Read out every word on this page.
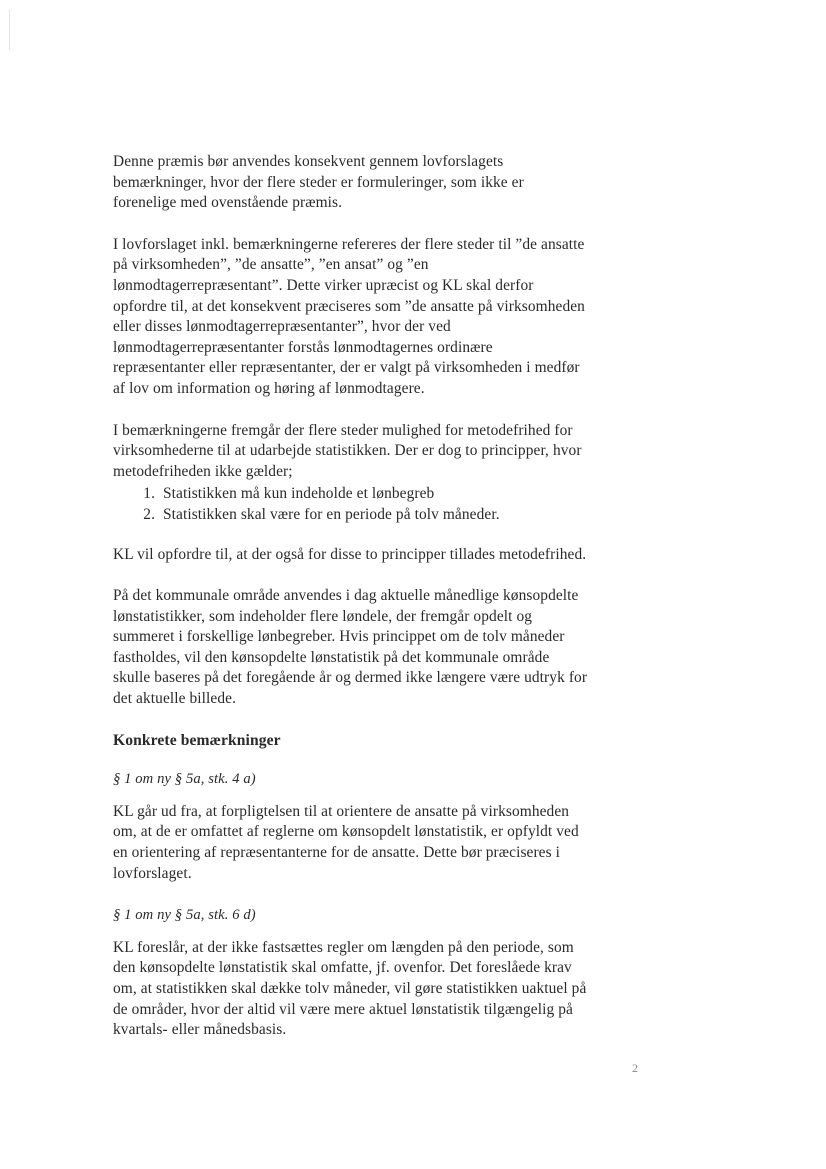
Denne præmis bør anvendes konsekvent gennem lovforslagets
bemærkninger, hvor der flere steder er formuleringer, som ikke er
forenelige med ovenstående præmis.

I lovforslaget inkl. bemærkningerne refereres der flere steder til ”de ansatte
på virksomheden”, ”de ansatte”, ”en ansat” og ”en
lønmodtagerrepræsentant”. Dette virker upræcist og KL skal derfor
opfordre til, at det konsekvent præciseres som ”de ansatte på virksomheden
eller disses lønmodtagerrepræsentanter”, hvor der ved
lønmodtagerrepræsentanter forstås lønmodtagernes ordinære
repræsentanter eller repræsentanter, der er valgt på virksomheden i medfør
af lov om information og høring af lønmodtagere.

I bemærkningerne fremgår der flere steder mulighed for metodefrihed for
virksomhederne til at udarbejde statistikken. Der er dog to principper, hvor
metodefriheden ikke gælder;

1. Statistikken må kun indeholde et lønbegreb
2. Statistikken skal være for en periode på tolv måneder.

KL vil opfordre til, at der også for disse to principper tillades metodefrihed.

På det kommunale område anvendes i dag aktuelle månedlige kønsopdelte
lønstatistikker, som indeholder flere løndele, der fremgår opdelt og
summeret i forskellige lønbegreber. Hvis princippet om de tolv måneder
fastholdes, vil den kønsopdelte lønstatistik på det kommunale område
skulle baseres på det foregående år og dermed ikke længere være udtryk for
det aktuelle billede.

Konkrete bemærkninger
§ 1 om ny § 5a, stk. 4 a)

KL går ud fra, at forpligtelsen til at orientere de ansatte på virksomheden
om, at de er omfattet af reglerne om kønsopdelt lønstatistik, er opfyldt ved
en orientering af repræsentanterne for de ansatte. Dette bør præciseres i
lovforslaget.

§ 1 om ny § 5a, stk. 6 d)

KL foreslår, at der ikke fastsættes regler om længden på den periode, som
den kønsopdelte lønstatistik skal omfatte, jf. ovenfor. Det foreslåede krav
om, at statistikken skal dække tolv måneder, vil gøre statistikken uaktuel på
de områder, hvor der altid vil være mere aktuel lønstatistik tilgængelig på
kvartals- eller månedsbasis.

2
